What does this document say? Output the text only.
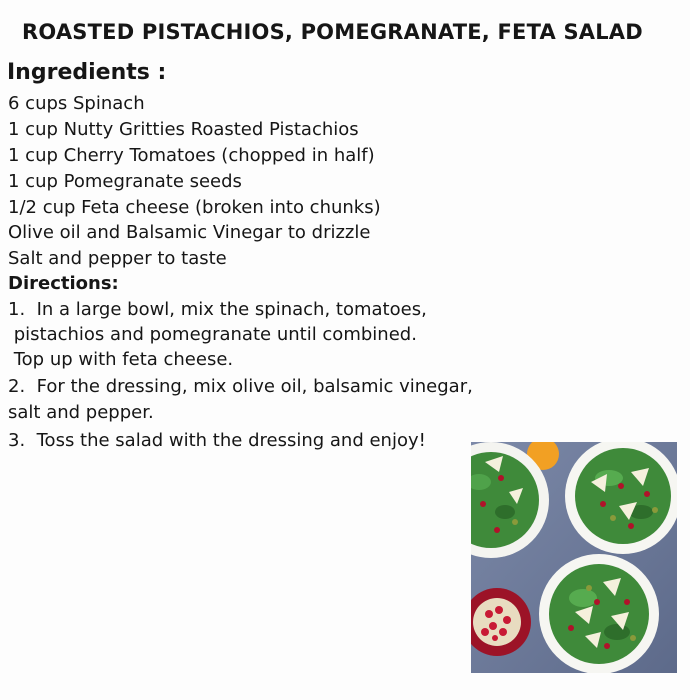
ROASTED PISTACHIOS, POMEGRANATE, FETA SALAD
Ingredients :
6 cups Spinach
1 cup Nutty Gritties Roasted Pistachios
1 cup Cherry Tomatoes (chopped in half)
1 cup Pomegranate seeds
1/2 cup Feta cheese (broken into chunks)
Olive oil and Balsamic Vinegar to drizzle
Salt and pepper to taste
Directions:
1.  In a large bowl, mix the spinach, tomatoes,
pistachios and pomegranate until combined.
Top up with feta cheese.
2.  For the dressing, mix olive oil, balsamic vinegar,
salt and pepper.
3.  Toss the salad with the dressing and enjoy!
